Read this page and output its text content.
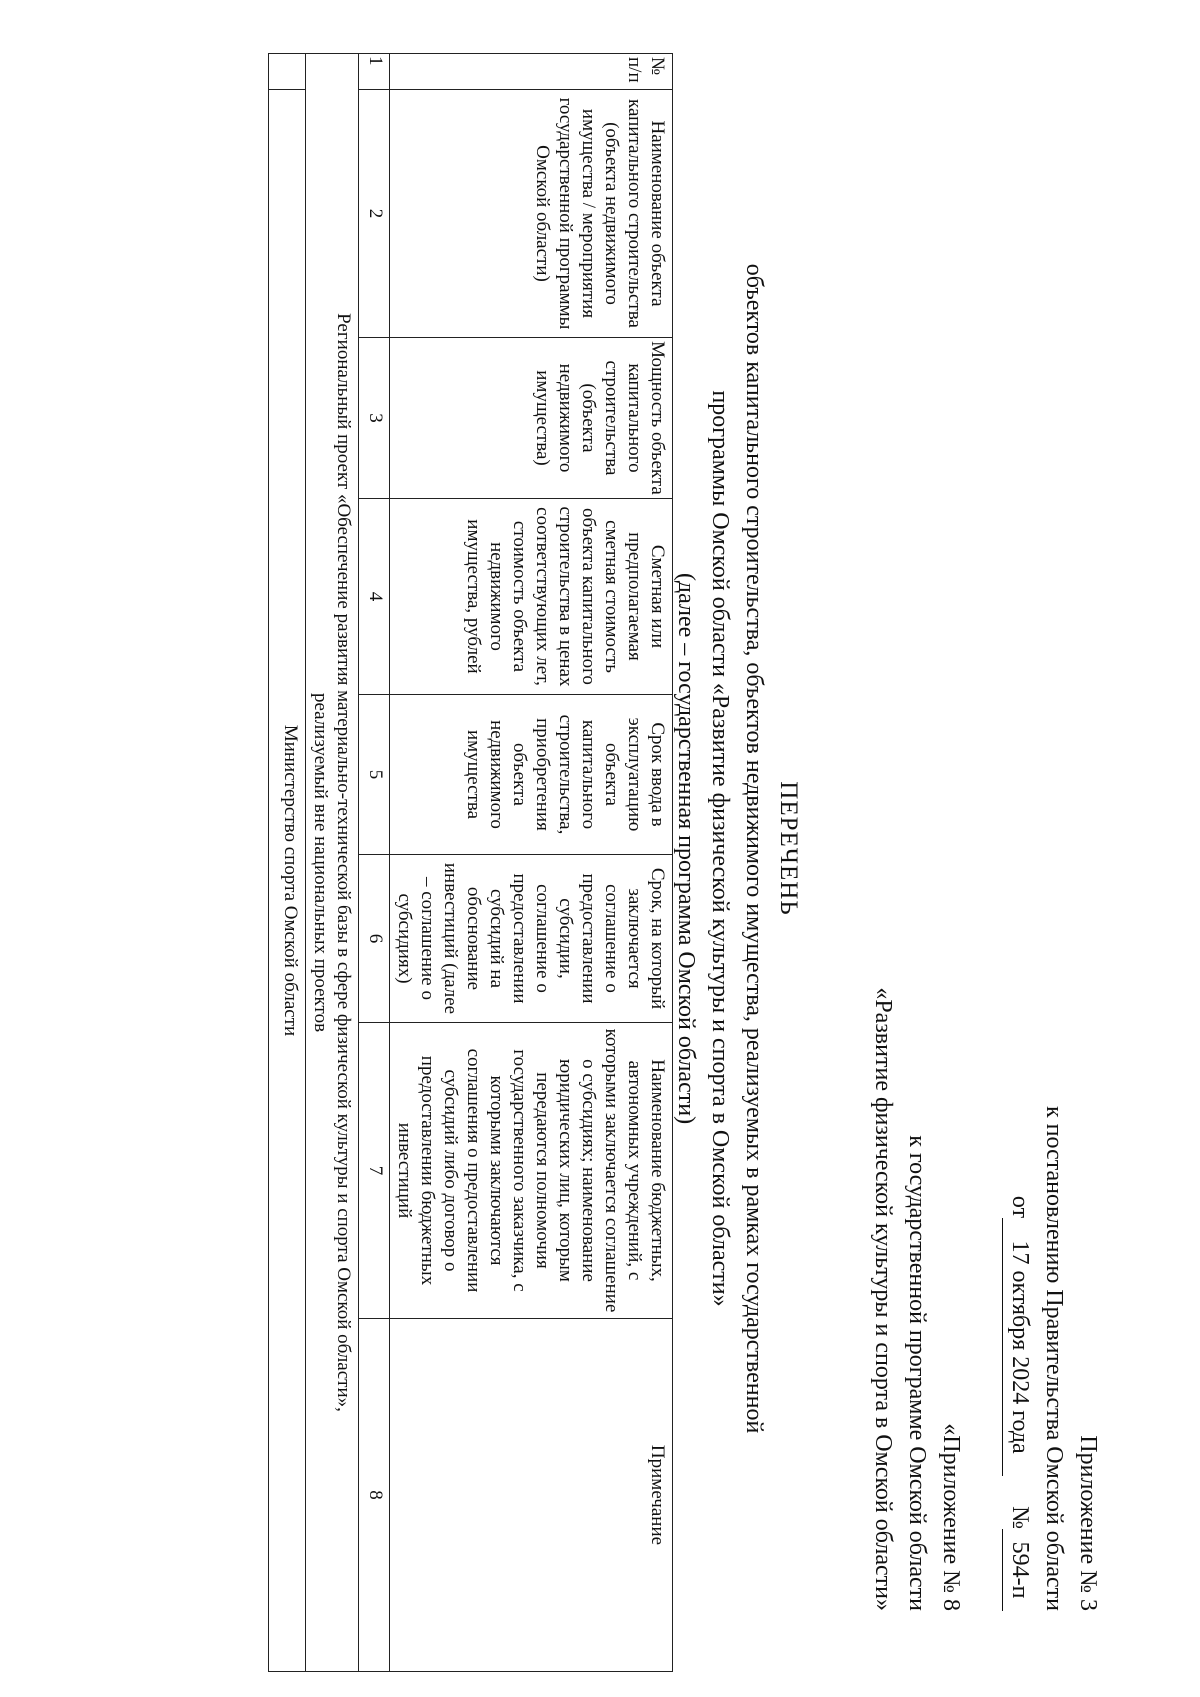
Приложение № 3
к постановлению Правительства Омской области
от
17 октября 2024 года
№
594-п
«Приложение № 8
к государственной программе Омской области
«Развитие физической культуры и спорта в Омской области»
ПЕРЕЧЕНЬ
объектов капитального строительства, объектов недвижимого имущества, реализуемых в рамках государственной
программы Омской области «Развитие физической культуры и спорта в Омской области»
(далее – государственная программа Омской области)
№ п/п	Наименование объекта капитального строительства (объекта недвижимого имущества / мероприятия государственной программы Омской области)	Мощность объекта капитального строительства (объекта недвижимого имущества)	Сметная или предполагаемая сметная стоимость объекта капитального строительства в ценах соответствующих лет, стоимость объекта недвижимого имущества, рублей	Срок ввода в эксплуатацию объекта капитального строительства, приобретения объекта недвижимого имущества	Срок, на который заключается соглашение о предоставлении субсидии, соглашение о предоставлении субсидий на обоснование инвестиций (далее – соглашение о субсидиях)	Наименование бюджетных, автономных учреждений, с которыми заключается соглашение о субсидиях; наименование юридических лиц, которым передаются полномочия государственного заказчика, с которыми заключаются соглашения о предоставлении субсидий либо договор о предоставлении бюджетных инвестиций	Примечание
1	2	3	4	5	6	7	8

Региональный проект «Обеспечение развития материально-технической базы в сфере физической культуры и спорта Омской области»,
реализуемый вне национальных проектов							

	Министерство спорта Омской области						
